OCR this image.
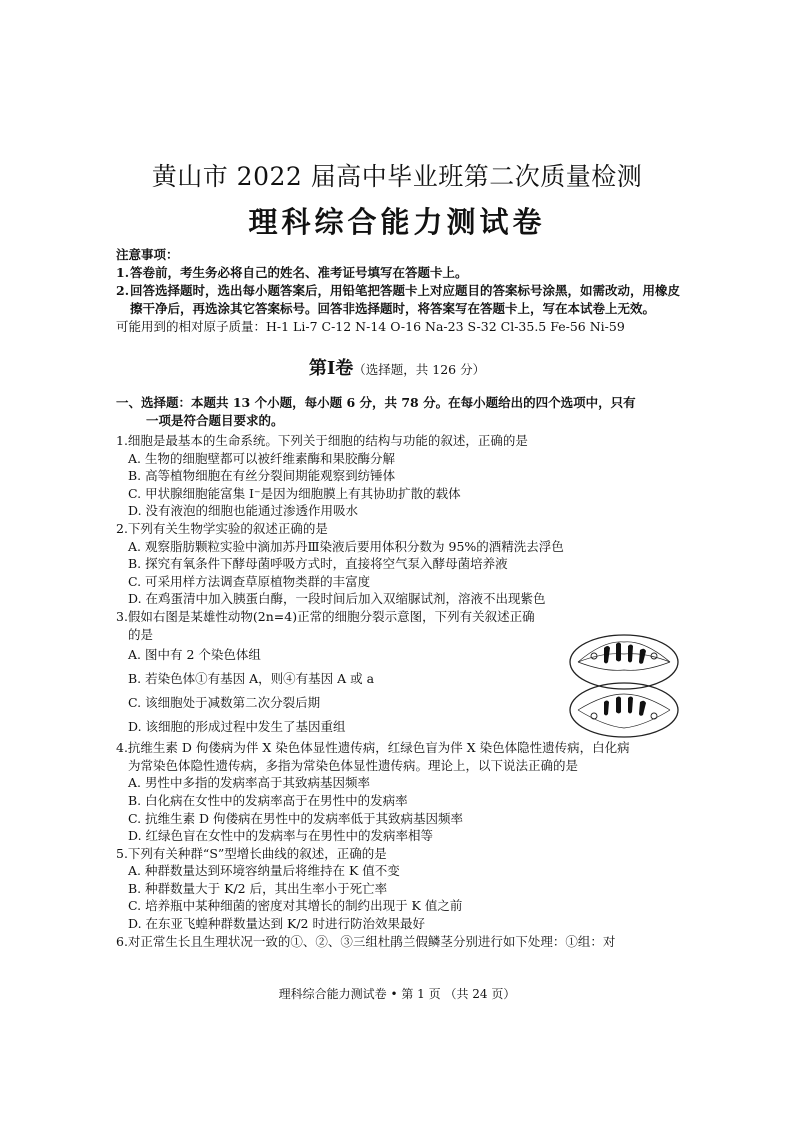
黄山市 2022 届高中毕业班第二次质量检测
理科综合能力测试卷
注意事项：
1. 答卷前，考生务必将自己的姓名、准考证号填写在答题卡上。
2. 回答选择题时，选出每小题答案后，用铅笔把答题卡上对应题目的答案标号涂黑，如需改动，用橡皮擦干净后，再选涂其它答案标号。回答非选择题时，将答案写在答题卡上，写在本试卷上无效。
可能用到的相对原子质量：H-1 Li-7 C-12 N-14 O-16 Na-23 S-32 Cl-35.5 Fe-56 Ni-59
第Ⅰ卷（选择题，共 126 分）
一、选择题：本题共 13 个小题，每小题 6 分，共 78 分。在每小题给出的四个选项中，只有
一项是符合题目要求的。
1.细胞是最基本的生命系统。下列关于细胞的结构与功能的叙述，正确的是
A. 生物的细胞壁都可以被纤维素酶和果胶酶分解
B. 高等植物细胞在有丝分裂间期能观察到纺锤体
C. 甲状腺细胞能富集 I⁻是因为细胞膜上有其协助扩散的载体
D. 没有液泡的细胞也能通过渗透作用吸水
2.下列有关生物学实验的叙述正确的是
A. 观察脂肪颗粒实验中滴加苏丹Ⅲ染液后要用体积分数为 95%的酒精洗去浮色
B. 探究有氧条件下酵母菌呼吸方式时，直接将空气泵入酵母菌培养液
C. 可采用样方法调查草原植物类群的丰富度
D. 在鸡蛋清中加入胰蛋白酶，一段时间后加入双缩脲试剂，溶液不出现紫色
3.假如右图是某雄性动物(2n=4)正常的细胞分裂示意图，下列有关叙述正确
的是
A. 图中有 2 个染色体组
B. 若染色体①有基因 A，则④有基因 A 或 a
C. 该细胞处于减数第二次分裂后期
D. 该细胞的形成过程中发生了基因重组
4.抗维生素 D 佝偻病为伴 X 染色体显性遗传病，红绿色盲为伴 X 染色体隐性遗传病，白化病
为常染色体隐性遗传病，多指为常染色体显性遗传病。理论上，以下说法正确的是
A. 男性中多指的发病率高于其致病基因频率
B. 白化病在女性中的发病率高于在男性中的发病率
C. 抗维生素 D 佝偻病在男性中的发病率低于其致病基因频率
D. 红绿色盲在女性中的发病率与在男性中的发病率相等
5.下列有关种群“S”型增长曲线的叙述，正确的是
A. 种群数量达到环境容纳量后将维持在 K 值不变
B. 种群数量大于 K/2 后，其出生率小于死亡率
C. 培养瓶中某种细菌的密度对其增长的制约出现于 K 值之前
D. 在东亚飞蝗种群数量达到 K/2 时进行防治效果最好
6.对正常生长且生理状况一致的①、②、③三组杜鹃兰假鳞茎分别进行如下处理：①组：对
理科综合能力测试卷 • 第 1 页 （共 24 页）
